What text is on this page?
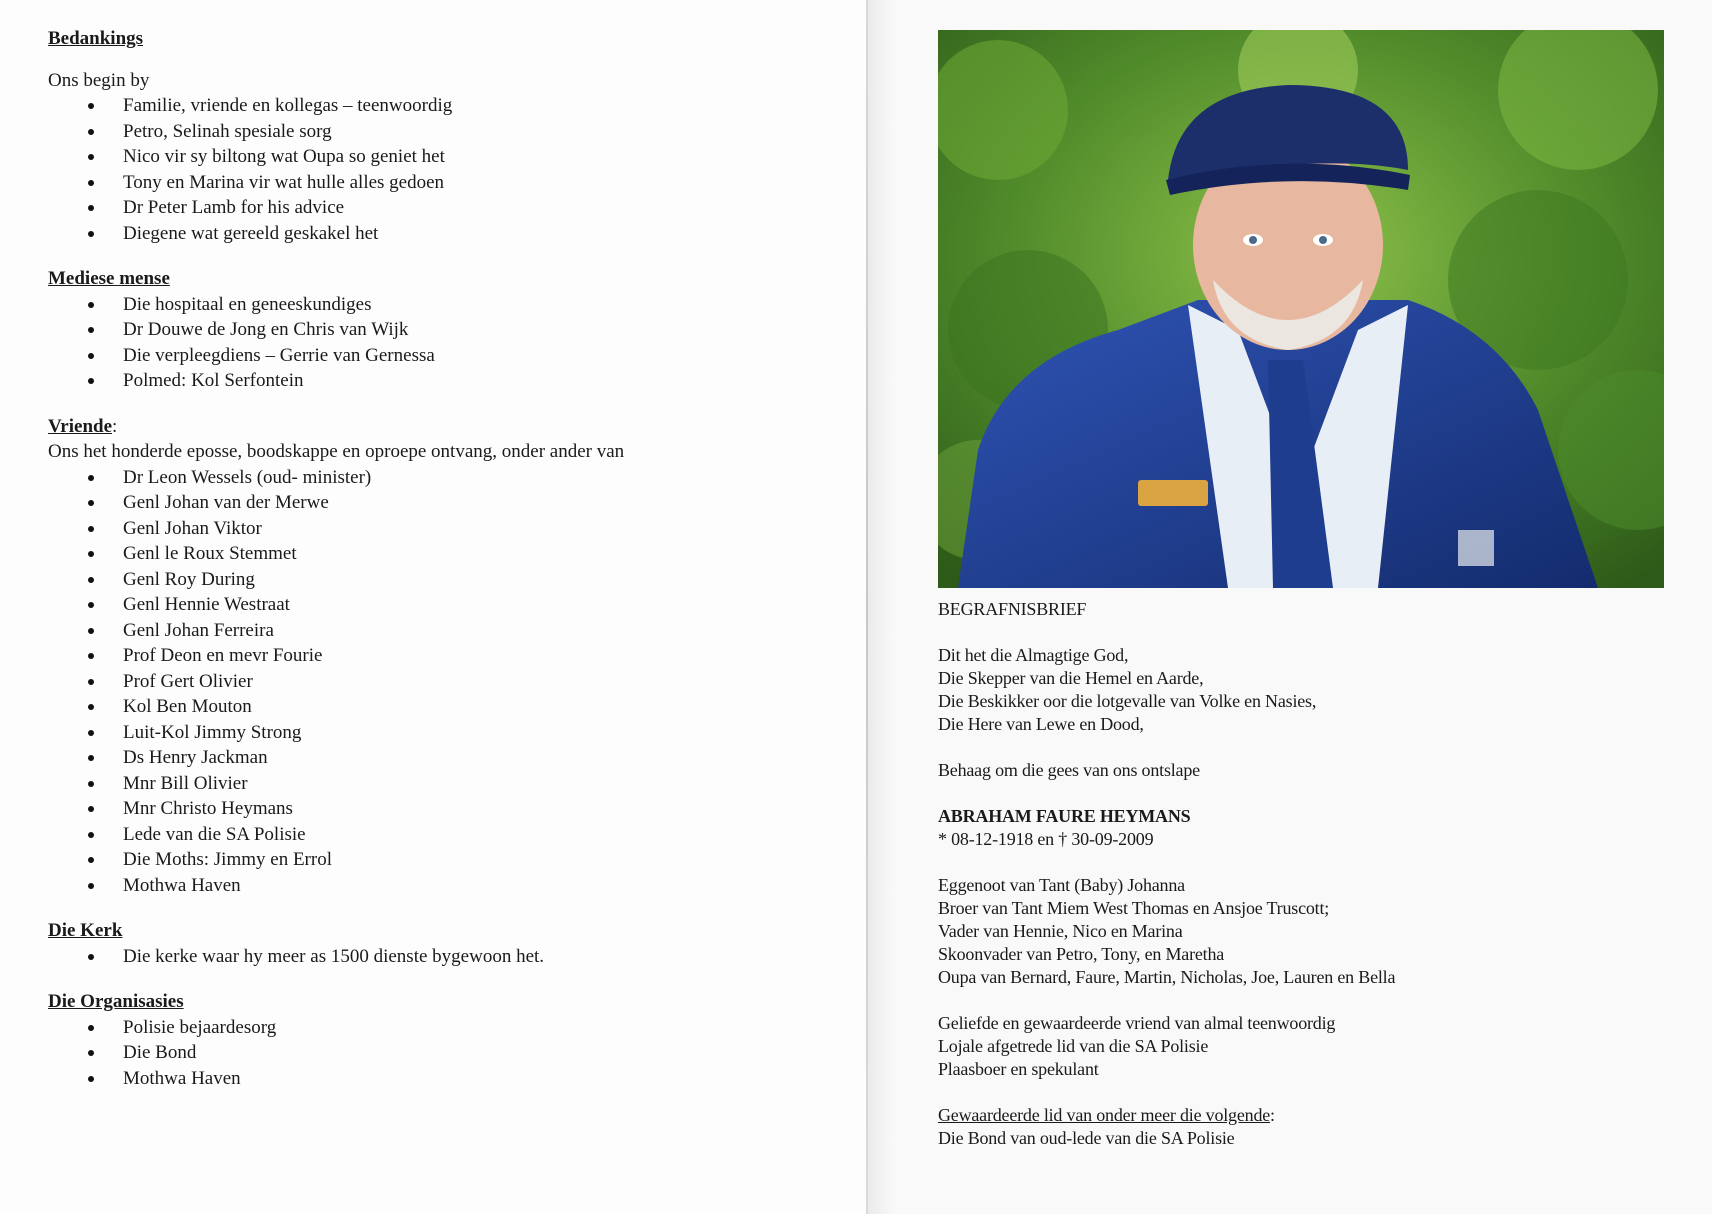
Bedankings

Ons begin by

Familie, vriende en kollegas – teenwoordig
Petro, Selinah spesiale sorg
Nico vir sy biltong wat Oupa so geniet het
Tony en Marina vir wat hulle alles gedoen
Dr Peter Lamb for his advice
Diegene wat gereeld geskakel het

Mediese mense

Die hospitaal en geneeskundiges
Dr Douwe de Jong en Chris van Wijk
Die verpleegdiens – Gerrie van Gernessa
Polmed: Kol Serfontein

Vriende:

Ons het honderde eposse, boodskappe en oproepe ontvang, onder ander van

Dr Leon Wessels (oud- minister)
Genl Johan van der Merwe
Genl Johan Viktor
Genl le Roux Stemmet
Genl Roy During
Genl Hennie Westraat
Genl Johan Ferreira
Prof Deon en mevr Fourie
Prof Gert Olivier
Kol Ben Mouton
Luit-Kol Jimmy Strong
Ds Henry Jackman
Mnr Bill Olivier
Mnr Christo Heymans
Lede van die SA Polisie
Die Moths: Jimmy en Errol
Mothwa Haven

Die Kerk

Die kerke waar hy meer as 1500 dienste bygewoon het.

Die Organisasies

Polisie bejaardesorg
Die Bond
Mothwa Haven

BEGRAFNISBRIEF

Dit het die Almagtige God,

Die Skepper van die Hemel en Aarde,

Die Beskikker oor die lotgevalle van Volke en Nasies,

Die Here van Lewe en Dood,

Behaag om die gees van ons ontslape

ABRAHAM FAURE HEYMANS

* 08-12-1918 en † 30-09-2009

Eggenoot van Tant (Baby) Johanna

Broer van Tant Miem West Thomas en Ansjoe Truscott;

Vader van Hennie, Nico en Marina

Skoonvader van Petro, Tony, en Maretha

Oupa van Bernard, Faure, Martin, Nicholas, Joe, Lauren en Bella

Geliefde en gewaardeerde vriend van almal teenwoordig

Lojale afgetrede lid van die SA Polisie

Plaasboer en spekulant

Gewaardeerde lid van onder meer die volgende:

Die Bond van oud-lede van die SA Polisie
